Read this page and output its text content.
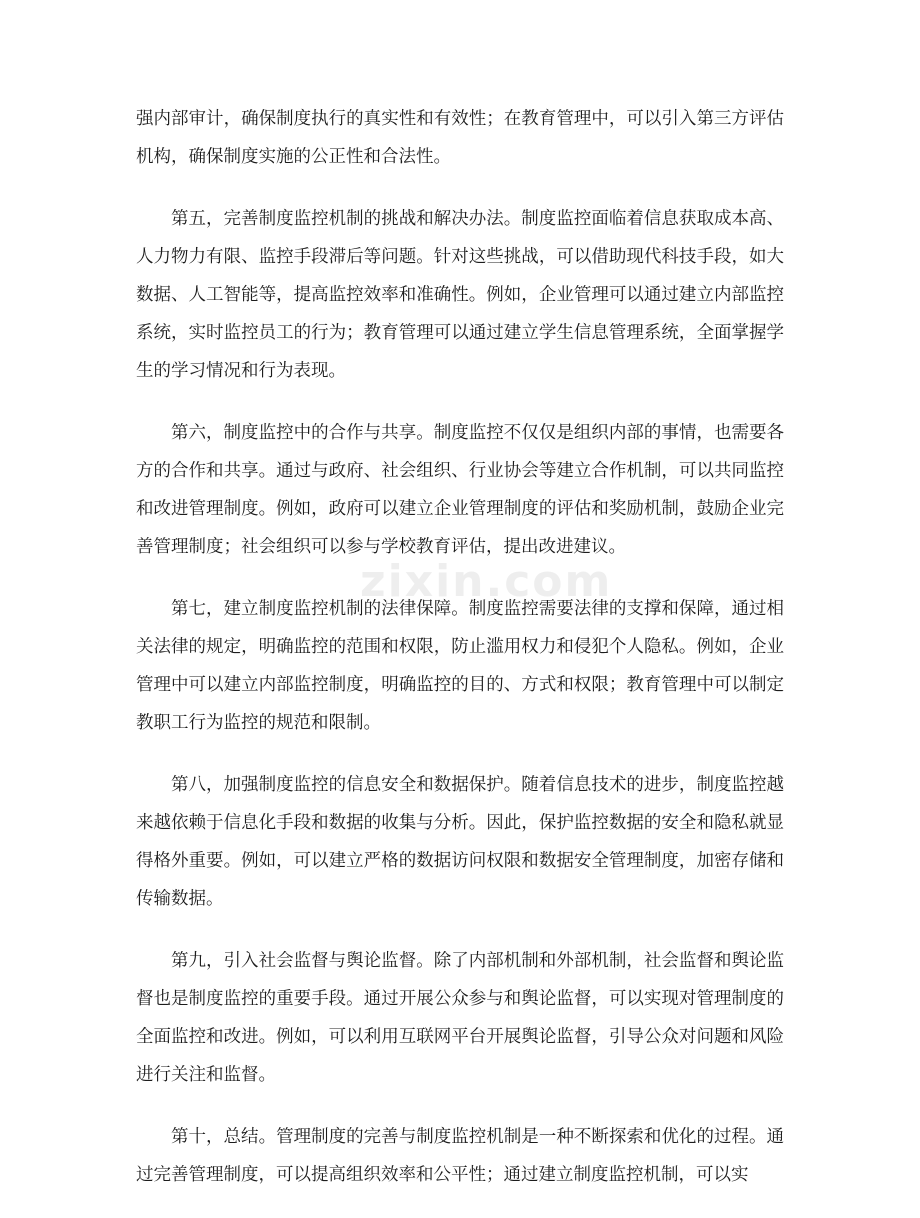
强内部审计，确保制度执行的真实性和有效性；在教育管理中，可以引入第三方评估机构，确保制度实施的公正性和合法性。

第五，完善制度监控机制的挑战和解决办法。制度监控面临着信息获取成本高、人力物力有限、监控手段滞后等问题。针对这些挑战，可以借助现代科技手段，如大数据、人工智能等，提高监控效率和准确性。例如，企业管理可以通过建立内部监控系统，实时监控员工的行为；教育管理可以通过建立学生信息管理系统，全面掌握学生的学习情况和行为表现。

第六，制度监控中的合作与共享。制度监控不仅仅是组织内部的事情，也需要各方的合作和共享。通过与政府、社会组织、行业协会等建立合作机制，可以共同监控和改进管理制度。例如，政府可以建立企业管理制度的评估和奖励机制，鼓励企业完善管理制度；社会组织可以参与学校教育评估，提出改进建议。

第七，建立制度监控机制的法律保障。制度监控需要法律的支撑和保障，通过相关法律的规定，明确监控的范围和权限，防止滥用权力和侵犯个人隐私。例如，企业管理中可以建立内部监控制度，明确监控的目的、方式和权限；教育管理中可以制定教职工行为监控的规范和限制。

第八，加强制度监控的信息安全和数据保护。随着信息技术的进步，制度监控越来越依赖于信息化手段和数据的收集与分析。因此，保护监控数据的安全和隐私就显得格外重要。例如，可以建立严格的数据访问权限和数据安全管理制度，加密存储和传输数据。

第九，引入社会监督与舆论监督。除了内部机制和外部机制，社会监督和舆论监督也是制度监控的重要手段。通过开展公众参与和舆论监督，可以实现对管理制度的全面监控和改进。例如，可以利用互联网平台开展舆论监督，引导公众对问题和风险进行关注和监督。

第十，总结。管理制度的完善与制度监控机制是一种不断探索和优化的过程。通过完善管理制度，可以提高组织效率和公平性；通过建立制度监控机制，可以实

zixin.com
